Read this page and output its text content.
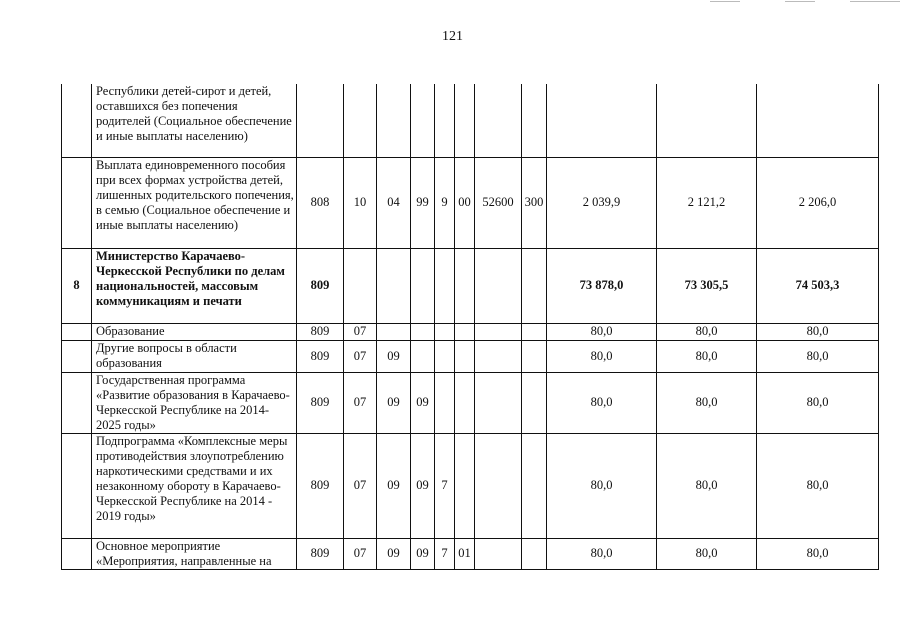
121
	Республики детей-сирот и детей, оставшихся без попечения родителей (Социальное обеспечение и иные выплаты населению)											
	Выплата единовременного пособия при всех формах устройства детей, лишенных родительского попечения, в семью (Социальное обеспечение и иные выплаты населению)	808	10	04	99	9	00	52600	300	2 039,9	2 121,2	2 206,0
8	Министерство Карачаево-Черкесской Республики по делам национальностей, массовым коммуникациям и печати	809								73 878,0	73 305,5	74 503,3
	Образование	809	07							80,0	80,0	80,0
	Другие вопросы в области образования	809	07	09						80,0	80,0	80,0
	Государственная программа «Развитие образования в Карачаево-Черкесской Республике на 2014-2025 годы»	809	07	09	09					80,0	80,0	80,0
	Подпрограмма «Комплексные меры противодействия злоупотреблению наркотическими средствами и их незаконному обороту в Карачаево-Черкесской Республике на 2014 - 2019 годы»	809	07	09	09	7				80,0	80,0	80,0
	Основное мероприятие «Мероприятия, направленные на	809	07	09	09	7	01			80,0	80,0	80,0
